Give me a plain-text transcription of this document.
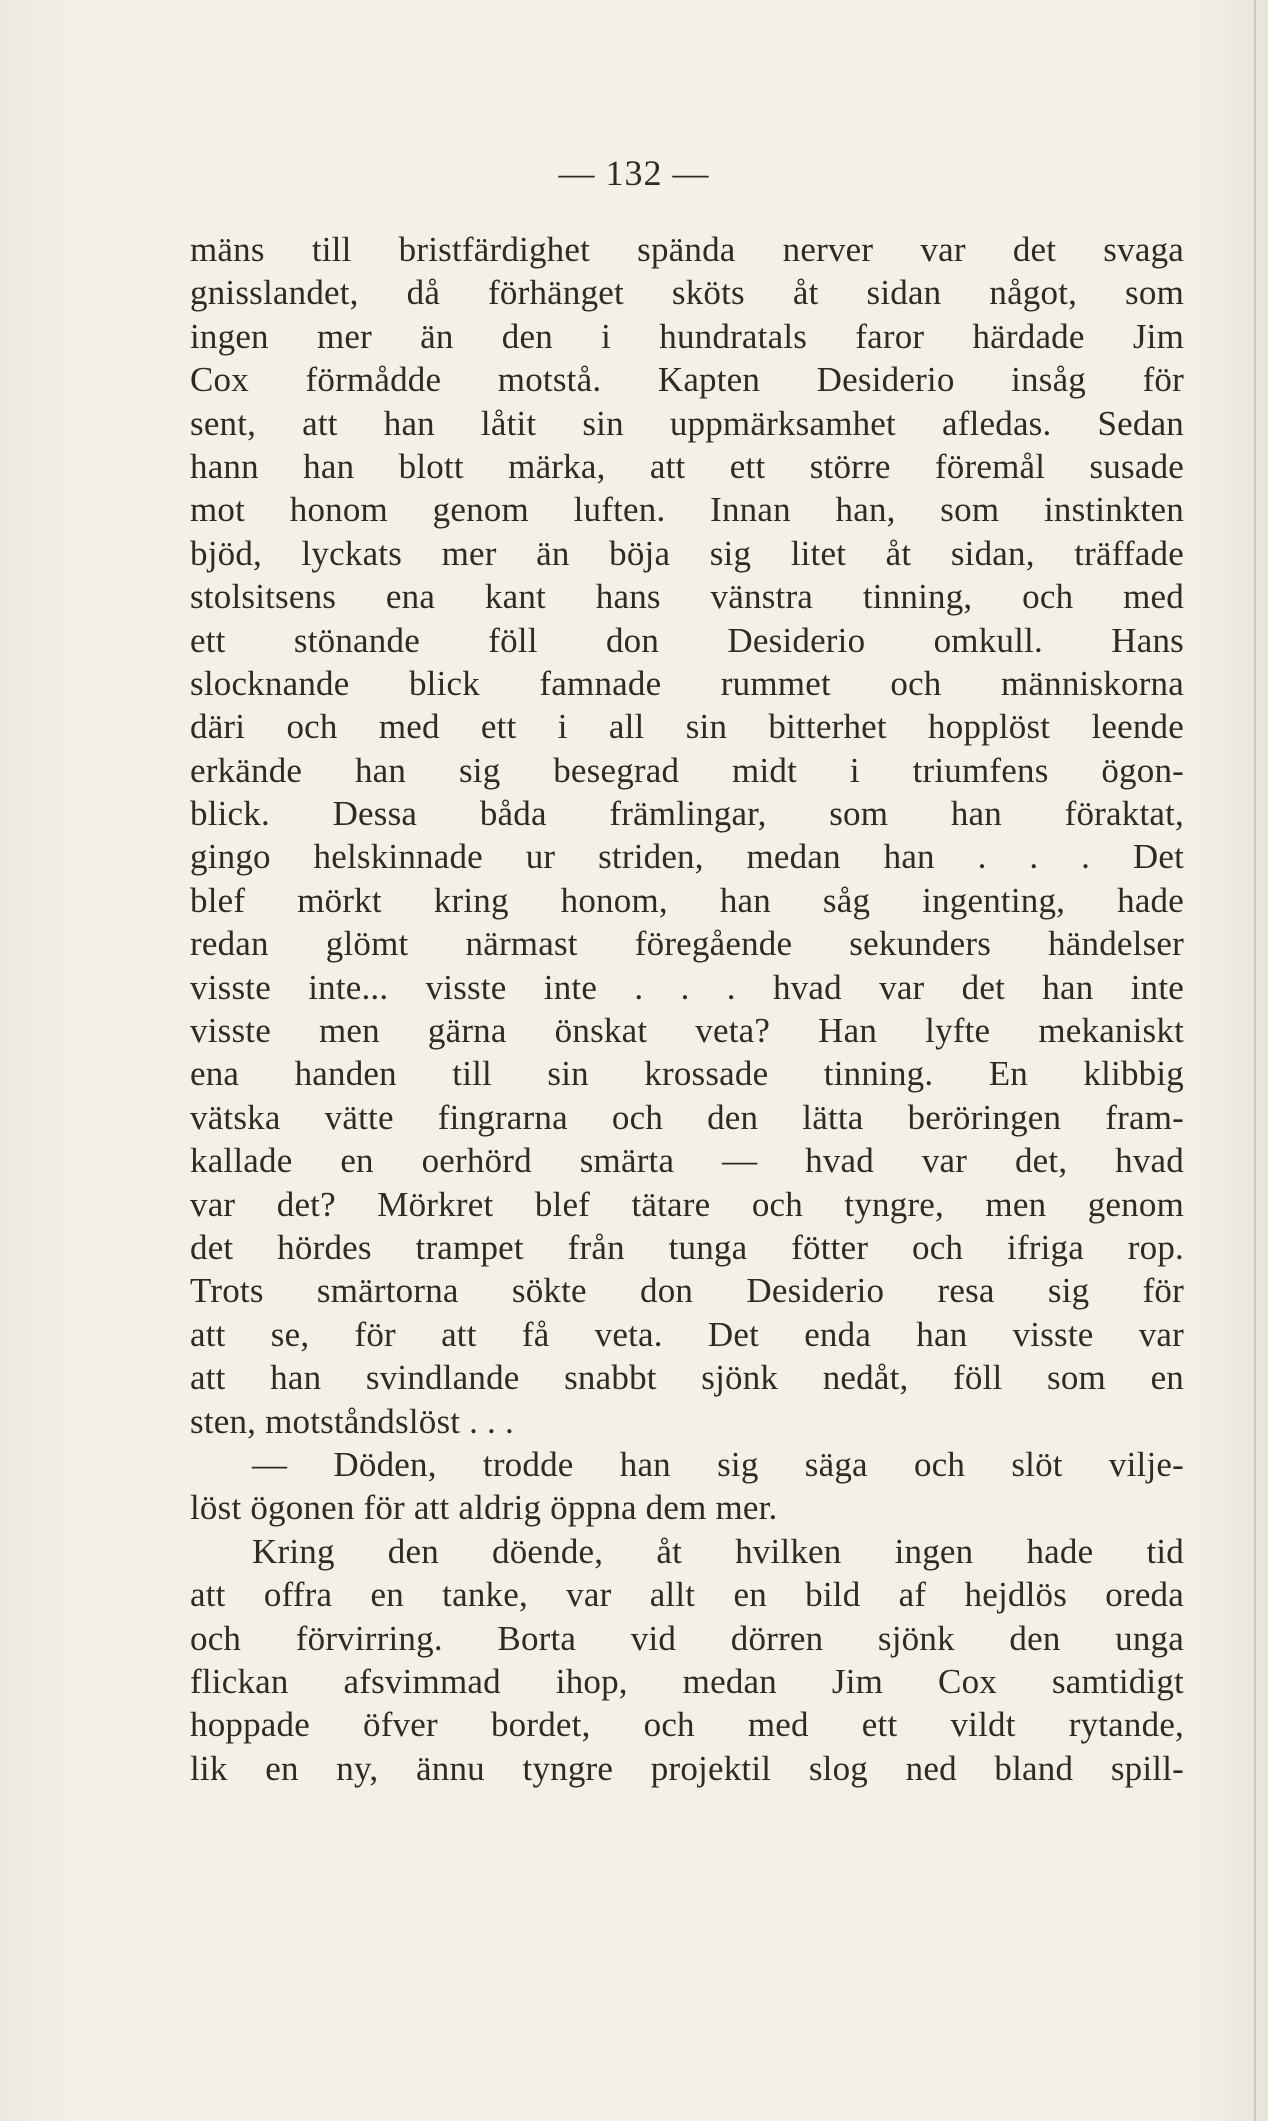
— 132 —
mäns till bristfärdighet spända nerver var det svaga
gnisslandet, då förhänget sköts åt sidan något, som
ingen mer än den i hundratals faror härdade Jim
Cox förmådde motstå. Kapten Desiderio insåg för
sent, att han låtit sin uppmärksamhet afledas. Sedan
hann han blott märka, att ett större föremål susade
mot honom genom luften. Innan han, som instinkten
bjöd, lyckats mer än böja sig litet åt sidan, träffade
stolsitsens ena kant hans vänstra tinning, och med
ett stönande föll don Desiderio omkull. Hans
slocknande blick famnade rummet och människorna
däri och med ett i all sin bitterhet hopplöst leende
erkände han sig besegrad midt i triumfens ögon-
blick. Dessa båda främlingar, som han föraktat,
gingo helskinnade ur striden, medan han . . . Det
blef mörkt kring honom, han såg ingenting, hade
redan glömt närmast föregående sekunders händelser
visste inte... visste inte . . . hvad var det han inte
visste men gärna önskat veta? Han lyfte mekaniskt
ena handen till sin krossade tinning. En klibbig
vätska vätte fingrarna och den lätta beröringen fram-
kallade en oerhörd smärta — hvad var det, hvad
var det? Mörkret blef tätare och tyngre, men genom
det hördes trampet från tunga fötter och ifriga rop.
Trots smärtorna sökte don Desiderio resa sig för
att se, för att få veta. Det enda han visste var
att han svindlande snabbt sjönk nedåt, föll som en
sten, motståndslöst . . .
— Döden, trodde han sig säga och slöt vilje-
löst ögonen för att aldrig öppna dem mer.
Kring den döende, åt hvilken ingen hade tid
att offra en tanke, var allt en bild af hejdlös oreda
och förvirring. Borta vid dörren sjönk den unga
flickan afsvimmad ihop, medan Jim Cox samtidigt
hoppade öfver bordet, och med ett vildt rytande,
lik en ny, ännu tyngre projektil slog ned bland spill-
